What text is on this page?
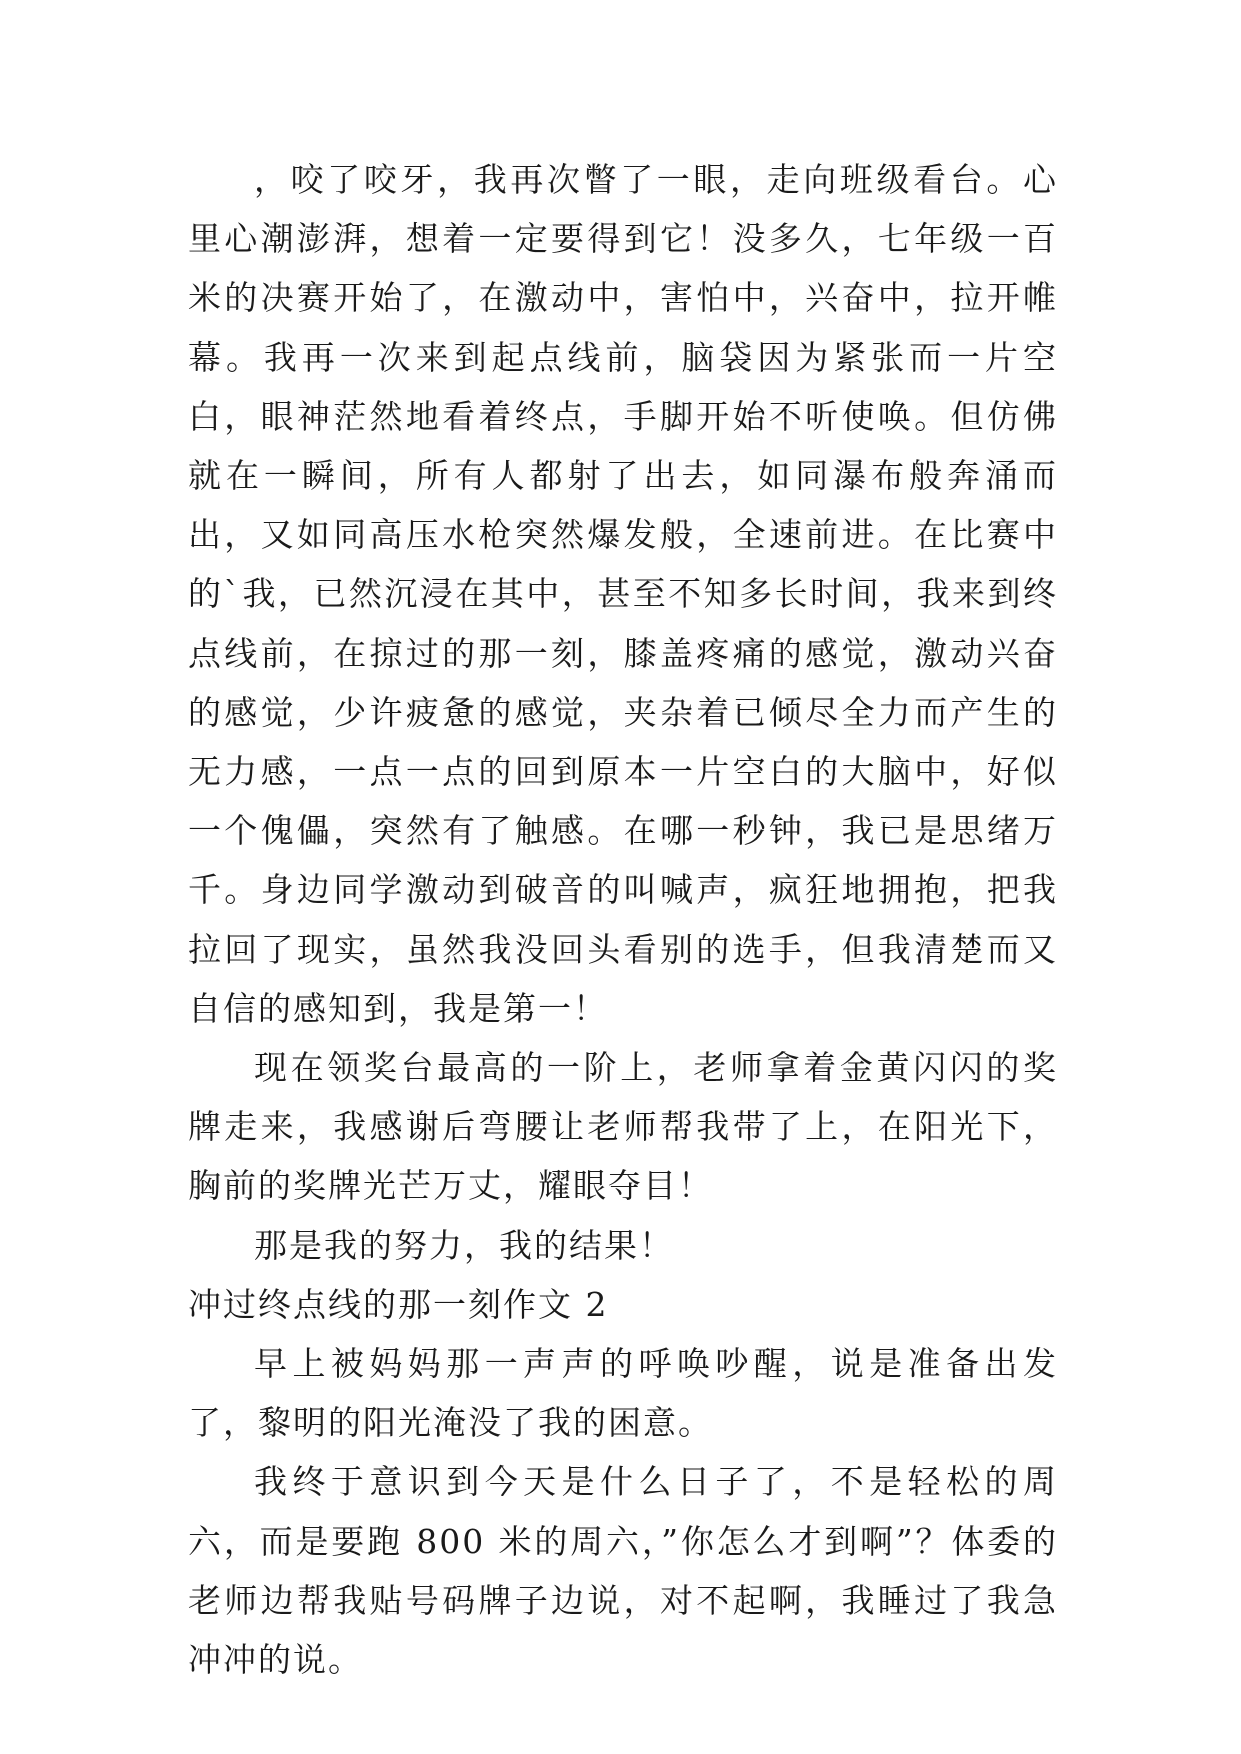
，咬了咬牙，我再次瞥了一眼，走向班级看台。心里心潮澎湃，想着一定要得到它！没多久，七年级一百米的决赛开始了，在激动中，害怕中，兴奋中，拉开帷幕。我再一次来到起点线前，脑袋因为紧张而一片空白，眼神茫然地看着终点，手脚开始不听使唤。但仿佛就在一瞬间，所有人都射了出去，如同瀑布般奔涌而出，又如同高压水枪突然爆发般，全速前进。在比赛中的`我，已然沉浸在其中，甚至不知多长时间，我来到终点线前，在掠过的那一刻，膝盖疼痛的感觉，激动兴奋的感觉，少许疲惫的感觉，夹杂着已倾尽全力而产生的无力感，一点一点的回到原本一片空白的大脑中，好似一个傀儡，突然有了触感。在哪一秒钟，我已是思绪万千。身边同学激动到破音的叫喊声，疯狂地拥抱，把我拉回了现实，虽然我没回头看别的选手，但我清楚而又自信的感知到，我是第一！

现在领奖台最高的一阶上，老师拿着金黄闪闪的奖牌走来，我感谢后弯腰让老师帮我带了上，在阳光下，胸前的奖牌光芒万丈，耀眼夺目！

那是我的努力，我的结果！

冲过终点线的那一刻作文 2

早上被妈妈那一声声的呼唤吵醒，说是准备出发了，黎明的阳光淹没了我的困意。

我终于意识到今天是什么日子了，不是轻松的周六，而是要跑 800 米的周六，”你怎么才到啊”？体委的老师边帮我贴号码牌子边说，对不起啊，我睡过了我急冲冲的说。
